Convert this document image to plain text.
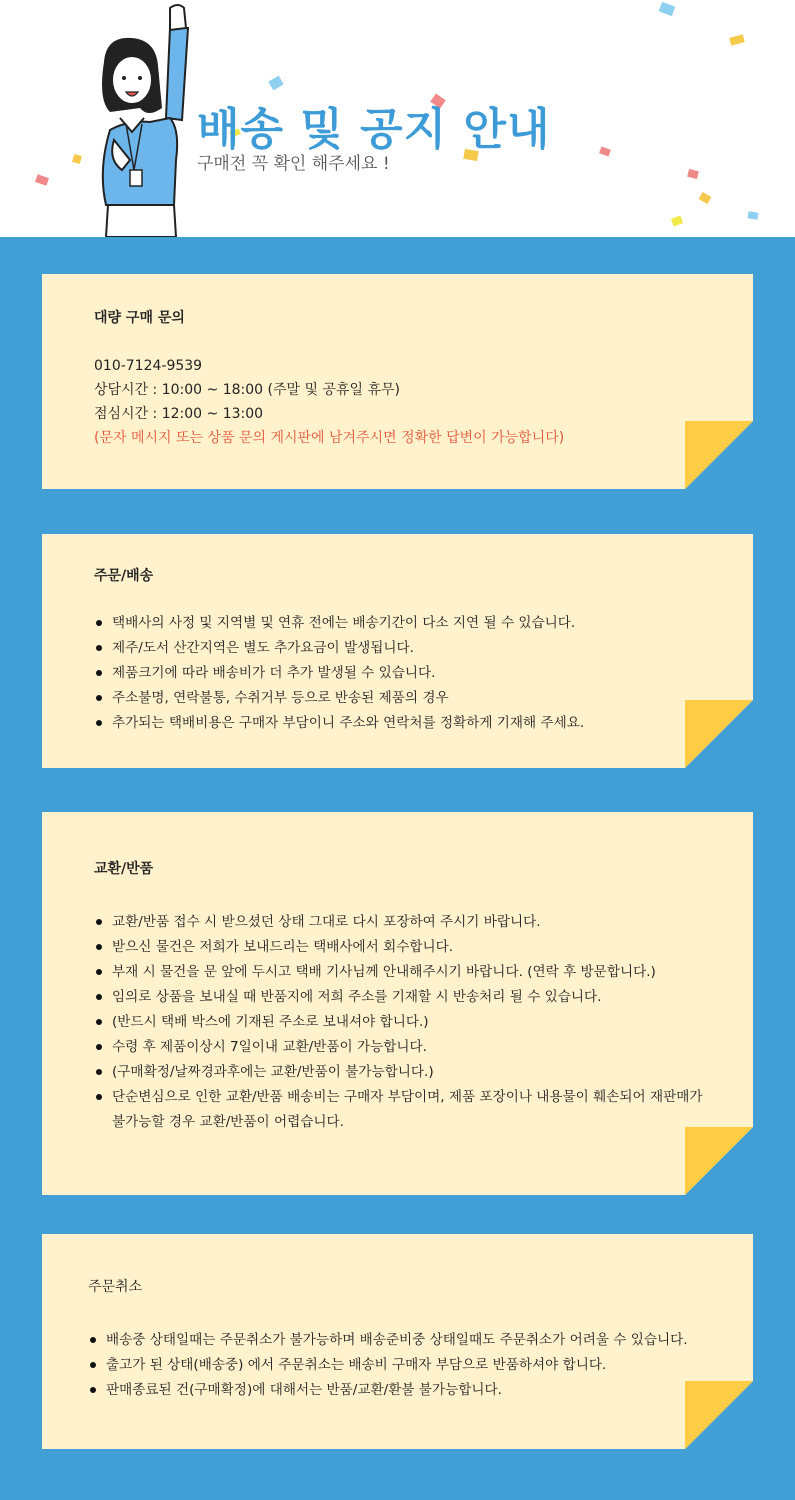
배송 및 공지 안내
구매전 꼭 확인 해주세요 !
대량 구매 문의
010-7124-9539
상담시간 : 10:00 ~ 18:00 (주말 및 공휴일 휴무)
점심시간 : 12:00 ~ 13:00
(문자 메시지 또는 상품 문의 게시판에 남겨주시면 정확한 답변이 가능합니다)
주문/배송
택배사의 사정 및 지역별 및 연휴 전에는 배송기간이 다소 지연 될 수 있습니다.
제주/도서 산간지역은 별도 추가요금이 발생됩니다.
제품크기에 따라 배송비가 더 추가 발생될 수 있습니다.
주소불명, 연락불통, 수취거부 등으로 반송된 제품의 경우
추가되는 택배비용은 구매자 부담이니 주소와 연락처를 정확하게 기재해 주세요.
교환/반품
교환/반품 접수 시 받으셨던 상태 그대로 다시 포장하여 주시기 바랍니다.
받으신 물건은 저희가 보내드리는 택배사에서 회수합니다.
부재 시 물건을 문 앞에 두시고 택배 기사님께 안내해주시기 바랍니다. (연락 후 방문합니다.)
임의로 상품을 보내실 때 반품지에 저희 주소를 기재할 시 반송처리 될 수 있습니다.
(반드시 택배 박스에 기재된 주소로 보내셔야 합니다.)
수령 후 제품이상시 7일이내 교환/반품이 가능합니다.
(구매확정/날짜경과후에는 교환/반품이 불가능합니다.)
단순변심으로 인한 교환/반품 배송비는 구매자 부담이며, 제품 포장이나 내용물이 훼손되어 재판매가 불가능할 경우 교환/반품이 어렵습니다.
주문취소
배송중 상태일때는 주문취소가 불가능하며 배송준비중 상태일때도 주문취소가 어려울 수 있습니다.
출고가 된 상태(배송중) 에서 주문취소는 배송비 구매자 부담으로 반품하셔야 합니다.
판매종료된 건(구매확정)에 대해서는 반품/교환/환불 불가능합니다.
